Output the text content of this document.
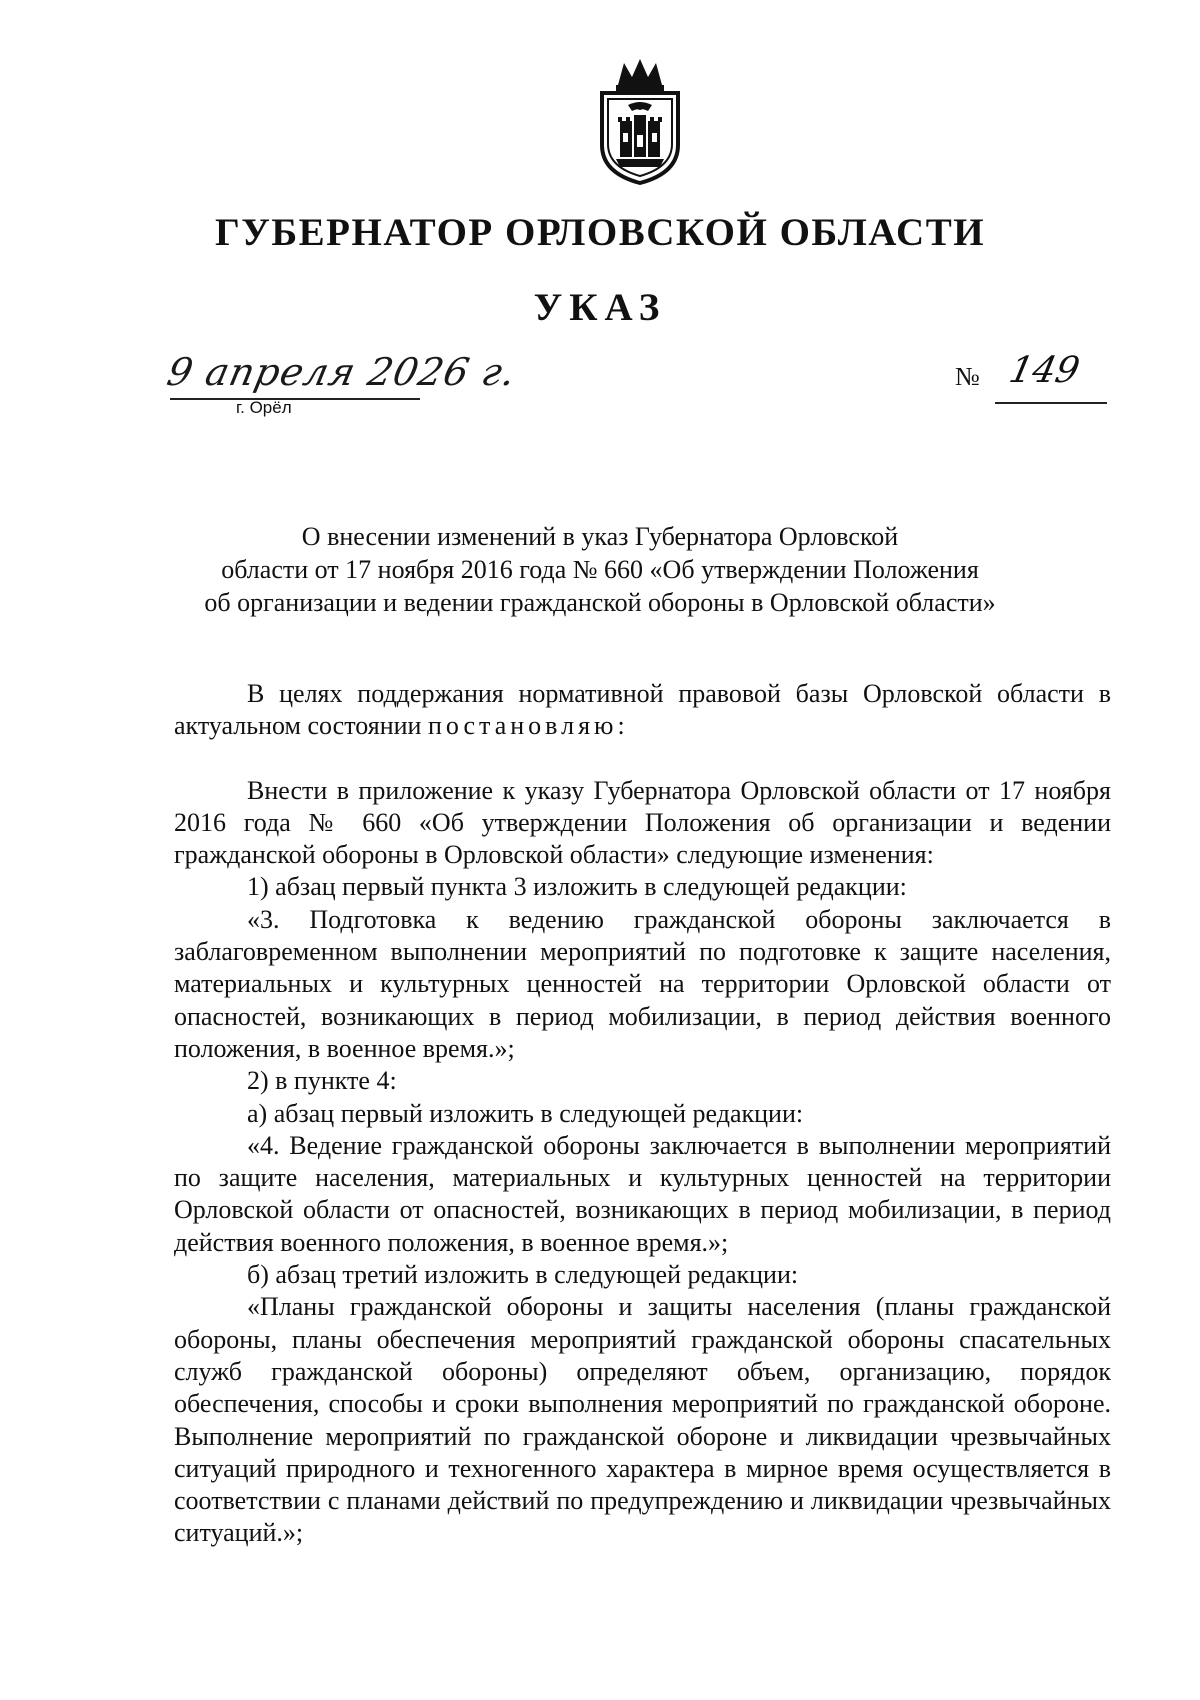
ГУБЕРНАТОР ОРЛОВСКОЙ ОБЛАСТИ
УКАЗ
9 апреля 2026 г.
г. Орёл
№ 149
О внесении изменений в указ Губернатора Орловской
области от 17 ноября 2016 года № 660 «Об утверждении Положения
об организации и ведении гражданской обороны в Орловской области»

В целях поддержания нормативной правовой базы Орловской области в актуальном состоянии постановляю:

Внести в приложение к указу Губернатора Орловской области от 17 ноября 2016 года № 660 «Об утверждении Положения об организации и ведении гражданской обороны в Орловской области» следующие изменения:

1) абзац первый пункта 3 изложить в следующей редакции:

«3. Подготовка к ведению гражданской обороны заключается в заблаговременном выполнении мероприятий по подготовке к защите населения, материальных и культурных ценностей на территории Орловской области от опасностей, возникающих в период мобилизации, в период действия военного положения, в военное время.»;

2) в пункте 4:

а) абзац первый изложить в следующей редакции:

«4. Ведение гражданской обороны заключается в выполнении мероприятий по защите населения, материальных и культурных ценностей на территории Орловской области от опасностей, возникающих в период мобилизации, в период действия военного положения, в военное время.»;

б) абзац третий изложить в следующей редакции:

«Планы гражданской обороны и защиты населения (планы гражданской обороны, планы обеспечения мероприятий гражданской обороны спасательных служб гражданской обороны) определяют объем, организацию, порядок обеспечения, способы и сроки выполнения мероприятий по гражданской обороне. Выполнение мероприятий по гражданской обороне и ликвидации чрезвычайных ситуаций природного и техногенного характера в мирное время осуществляется в соответствии с планами действий по предупреждению и ликвидации чрезвычайных ситуаций.»;
